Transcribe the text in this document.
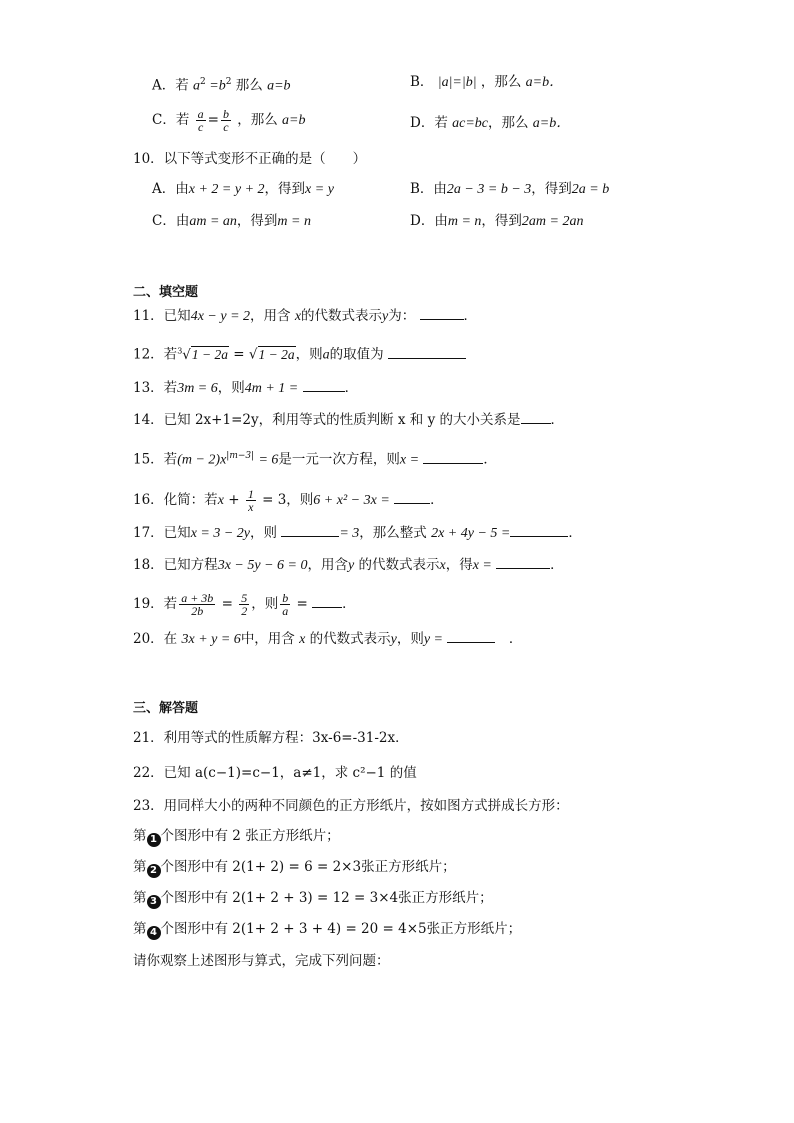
A．若 $a^2 =b^2$ 那么 a=b	B． |a|=|b| ，那么 a=b．
C．若 $\frac{a}{c} = \frac{b}{c}$ ，那么 a=b	D．若 ac=bc，那么 a=b．
10．以下等式变形不正确的是（　　）
A．由x + 2 = y + 2，得到x = y	B．由2a − 3 = b − 3，得到2a = b
C．由am = an，得到m = n	D．由m = n，得到2am = 2an
二、填空题
11．已知4x − y = 2，用含 x的代数式表示y为：	．
12．若$^3$√1 − 2a = √1 − 2a，则a的取值为
13．若3m = 6，则4m + 1 =	．
14．已知 2x+1=2y，利用等式的性质判断 x 和 y 的大小关系是 ．
15．若$(m - 2)x^{|m-3|} = 6$是一元一次方程，则x =	．
16．化简：若$x + \frac{1}{x} = 3$，则6 + x² − 3x =	．
17．已知x = 3 − 2y，则	= 3，那么整式 2x + 4y − 5 =	．
18．已知方程3x − 5y − 6 = 0，用含y 的代数式表示x，得x =	．
19．若 $\frac{a + 3b}{2b} = \frac{5}{2}$ ，则 $\frac{b}{a}$ = ．
20．在 3x + y = 6中，用含 x 的代数式表示y，则y = 　	．
三、解答题
21．利用等式的性质解方程：3x-6=-31-2x．
22．已知 a(c−1)=c−1，a≠1，求 c²−1 的值
23．用同样大小的两种不同颜色的正方形纸片，按如图方式拼成长方形：
第 1 个图形中有 2 张正方形纸片；
第 2 个图形中有 2(1+ 2) = 6 = 2×3张正方形纸片；
第 3 个图形中有 2(1+ 2 + 3) = 12 = 3×4张正方形纸片；
第 4 个图形中有 2(1+ 2 + 3 + 4) = 20 = 4×5张正方形纸片；
请你观察上述图形与算式，完成下列问题：
